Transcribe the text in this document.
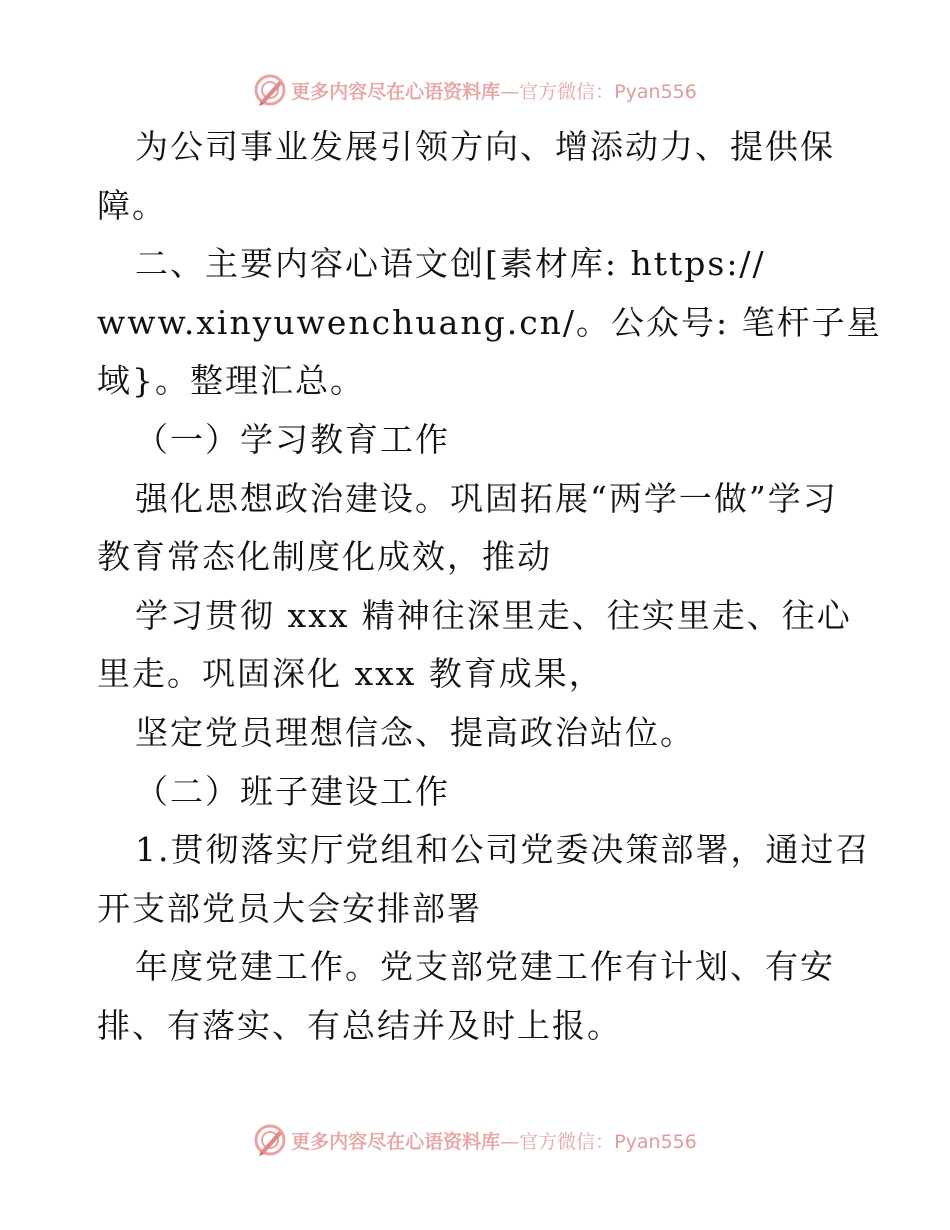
更多内容尽在心语资料库—官方微信：Pyan556
为公司事业发展引领方向、增添动力、提供保
障。
二、主要内容心语文创[素材库: https://
www.xinyuwenchuang.cn/。公众号: 笔杆子星
域}。整理汇总。
（一）学习教育工作
强化思想政治建设。巩固拓展“两学一做”学习
教育常态化制度化成效，推动
学习贯彻 xxx 精神往深里走、往实里走、往心
里走。巩固深化 xxx 教育成果，
坚定党员理想信念、提高政治站位。
（二）班子建设工作
1.贯彻落实厅党组和公司党委决策部署，通过召
开支部党员大会安排部署
年度党建工作。党支部党建工作有计划、有安
排、有落实、有总结并及时上报。
更多内容尽在心语资料库—官方微信：Pyan556
